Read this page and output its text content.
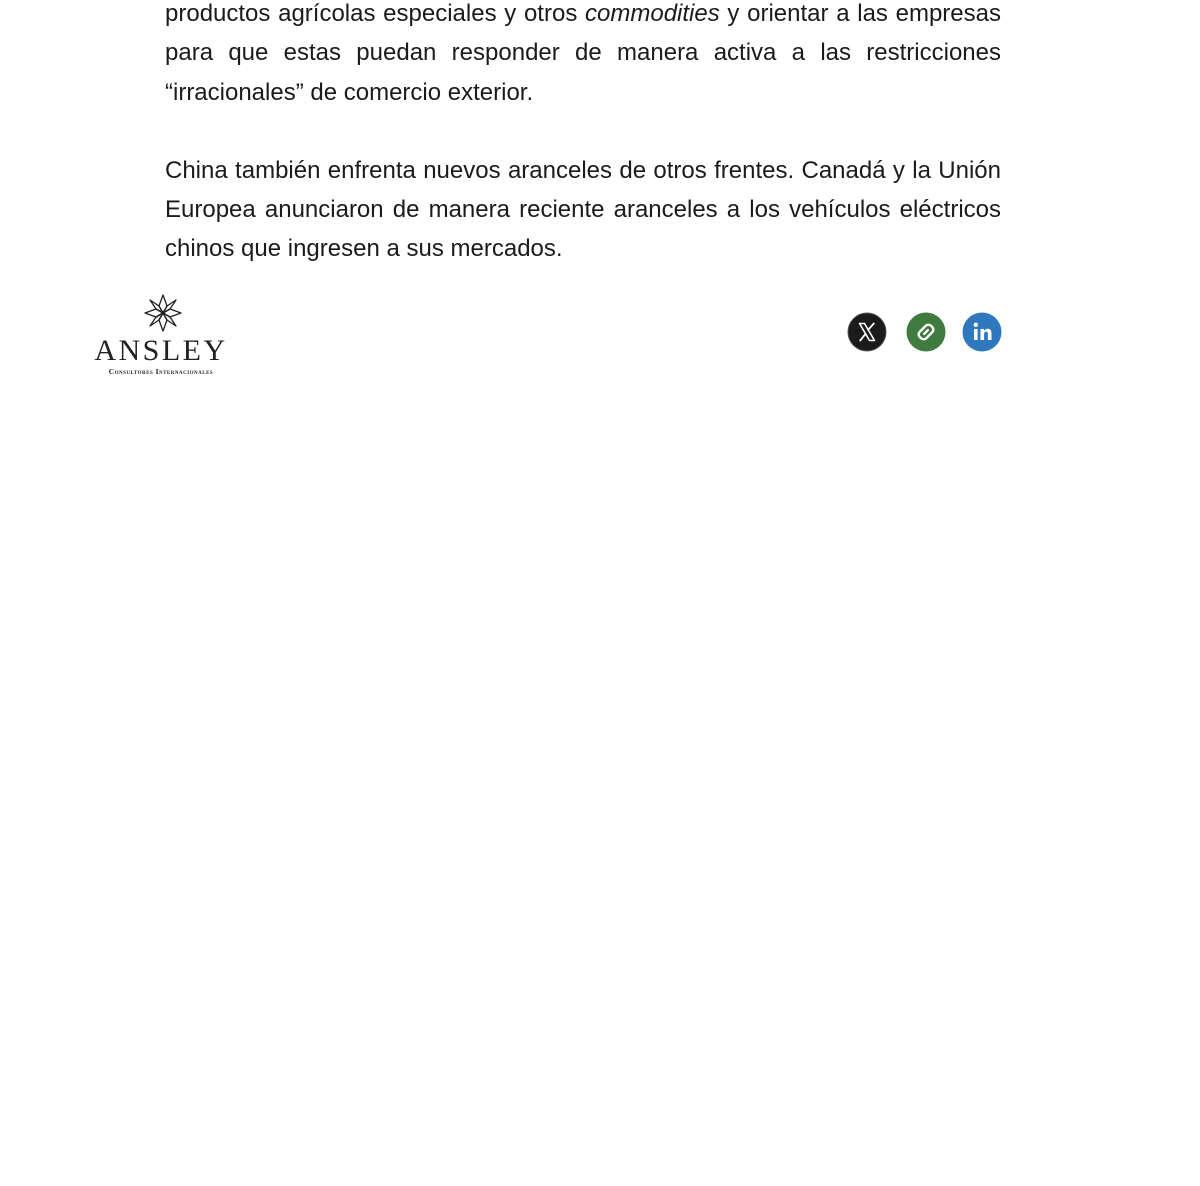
productos agrícolas especiales y otros commodities y orientar a las empresas para que estas puedan responder de manera activa a las restricciones “irracionales” de comercio exterior.

China también enfrenta nuevos aranceles de otros frentes. Canadá y la Unión Europea anunciaron de manera reciente aranceles a los vehículos eléctricos chinos que ingresen a sus mercados.

ANSLEY
Consultores Internacionales
